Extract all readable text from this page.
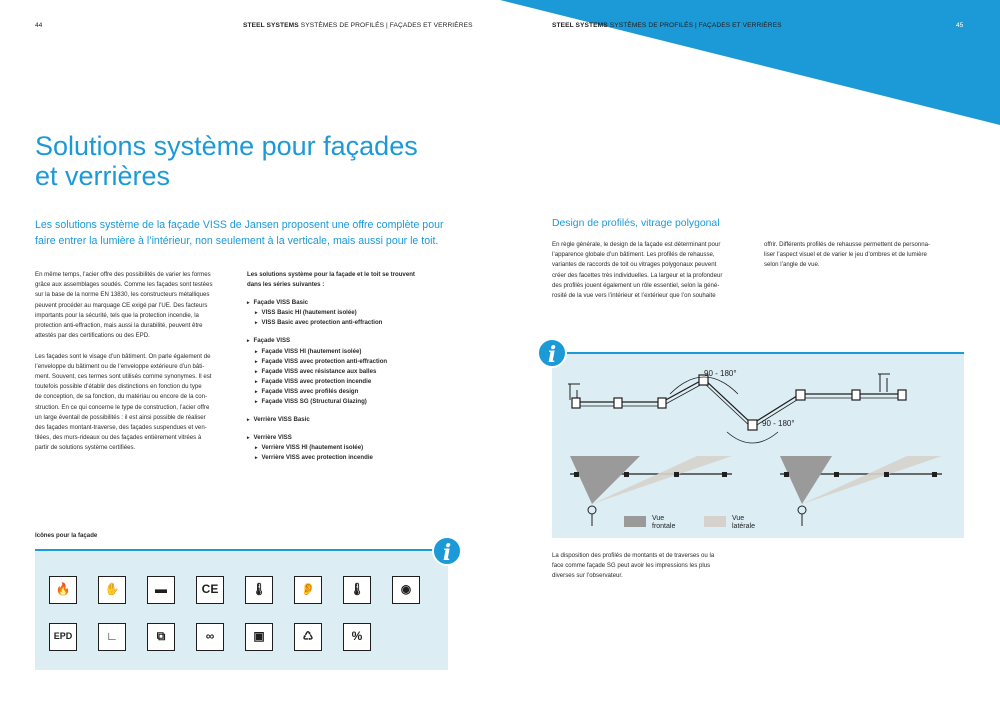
44	STEEL SYSTEMS SYSTÈMES DE PROFILÉS | FAÇADES ET VERRIÈRES	STEEL SYSTEMS SYSTÈMES DE PROFILÉS | FAÇADES ET VERRIÈRES	45
Solutions système pour façades
et verrières
Les solutions système de la façade VISS de Jansen proposent une offre complète pour
faire entrer la lumière à l’intérieur, non seulement à la verticale, mais aussi pour le toit.
En même temps, l’acier offre des possibilités de varier les formes
grâce aux assemblages soudés. Comme les façades sont testées
sur la base de la norme EN 13830, les constructeurs métalliques
peuvent procéder au marquage CE exigé par l’UE. Des facteurs
importants pour la sécurité, tels que la protection incendie, la
protection anti-effraction, mais aussi la durabilité, peuvent être
attestés par des certifications ou des EPD.
Les façades sont le visage d’un bâtiment. On parle également de
l’enveloppe du bâtiment ou de l’enveloppe extérieure d’un bâti-
ment. Souvent, ces termes sont utilisés comme synonymes. Il est
toutefois possible d’établir des distinctions en fonction du type
de conception, de sa fonction, du matériau ou encore de la con-
struction. En ce qui concerne le type de construction, l’acier offre
un large éventail de possibilités : il est ainsi possible de réaliser
des façades montant-traverse, des façades suspendues et ven-
tilées, des murs-rideaux ou des façades entièrement vitrées à
partir de solutions système certifiées.
Les solutions système pour la façade et le toit se trouvent
dans les séries suivantes :
▸ Façade VISS Basic
▸ VISS Basic HI (hautement isolée)
▸ VISS Basic avec protection anti-effraction
▸ Façade VISS
▸ Façade VISS HI (hautement isolée)
▸ Façade VISS avec protection anti-effraction
▸ Façade VISS avec résistance aux balles
▸ Façade VISS avec protection incendie
▸ Façade VISS avec profilés design
▸ Façade VISS SG (Structural Glazing)
▸ Verrière VISS Basic
▸ Verrière VISS
▸ Verrière VISS HI (hautement isolée)
▸ Verrière VISS avec protection incendie
Icônes pour la façade
🔥	✋	▬	CE	🌡	👂	🌡	◉
EPD	∟	⧉	∞	▣	♺	%
i
Design de profilés, vitrage polygonal
En règle générale, le design de la façade est déterminant pour
l’apparence globale d’un bâtiment. Les profilés de rehausse,
variantes de raccords de toit ou vitrages polygonaux peuvent
créer des facettes très individuelles. La largeur et la profondeur
des profilés jouent également un rôle essentiel, selon la géné-
rosité de la vue vers l’intérieur et l’extérieur que l’on souhaite
offrir. Différents profilés de rehausse permettent de personna-
liser l’aspect visuel et de varier le jeu d’ombres et de lumière
selon l’angle de vue.
90 - 180°
90 - 180°
Vue
frontale
Vue
latérale
i
La disposition des profilés de montants et de traverses ou la
face comme façade SG peut avoir les impressions les plus
diverses sur l’observateur.
